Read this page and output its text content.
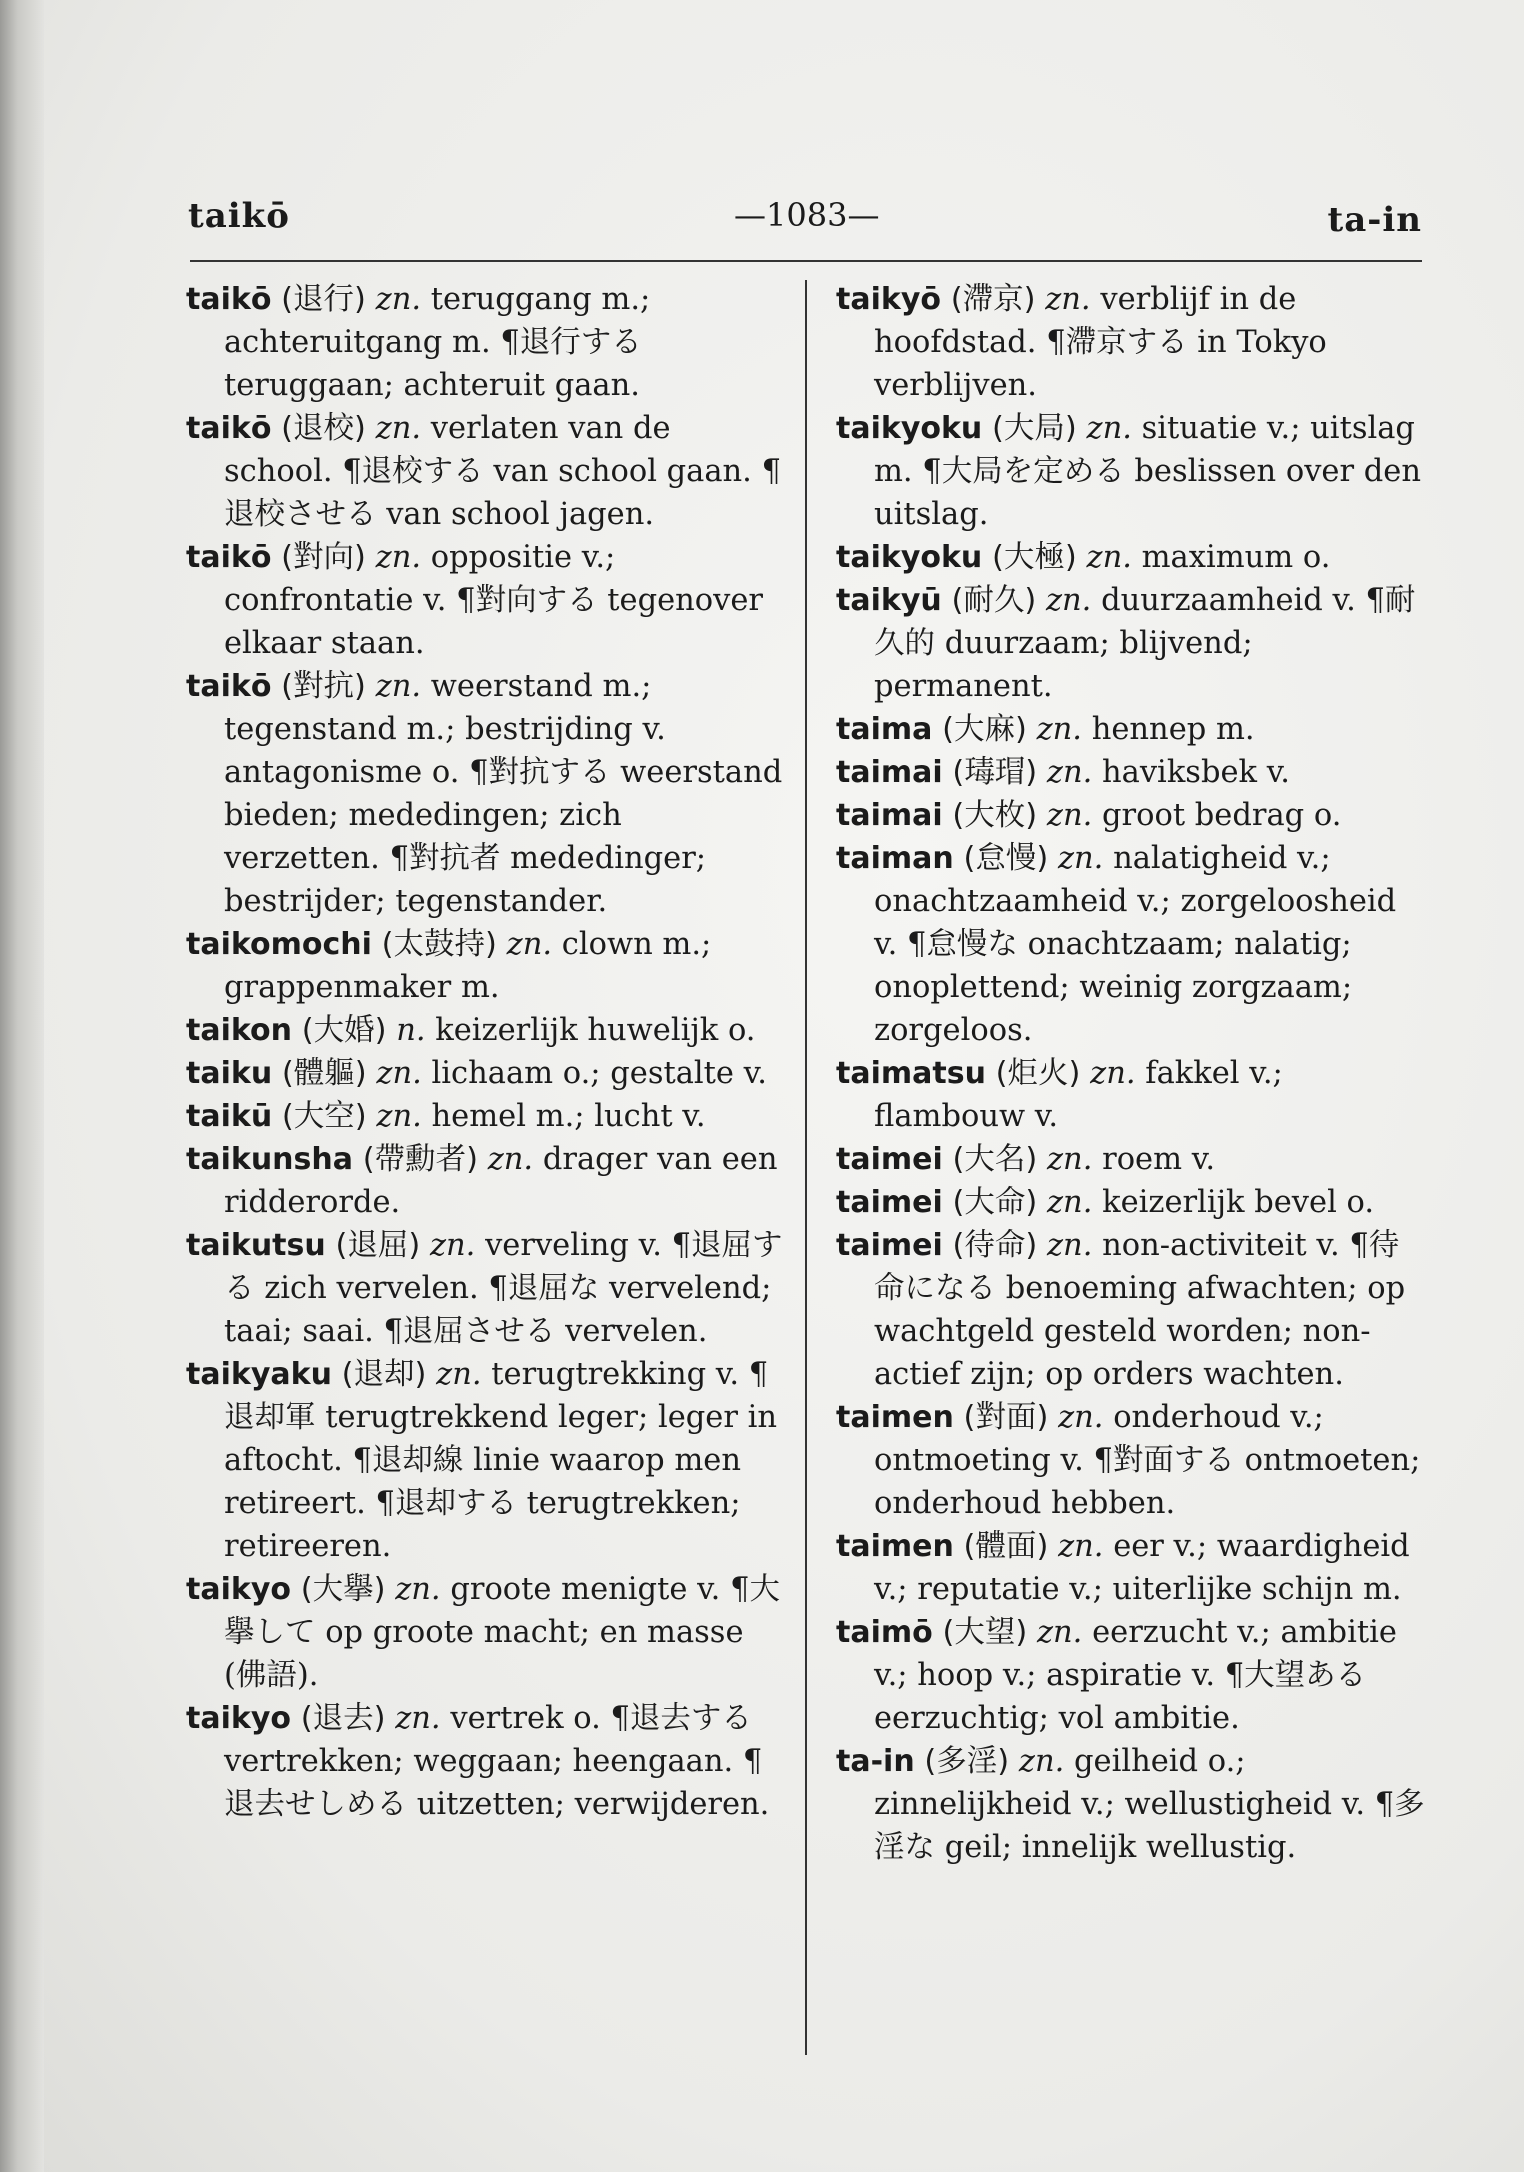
taikō	—1083—	ta-in

taikō (退行) zn. teruggang m.; achteruitgang m. ¶退行する teruggaan; achteruit gaan.

taikō (退校) zn. verlaten van de school. ¶退校する van school gaan. ¶退校させる van school jagen.

taikō (對向) zn. oppositie v.; confrontatie v. ¶對向する tegenover elkaar staan.

taikō (對抗) zn. weerstand m.; tegenstand m.; bestrijding v. antagonisme o. ¶對抗する weerstand bieden; mededingen; zich verzetten. ¶對抗者 mededinger; bestrijder; tegenstander.

taikomochi (太鼓持) zn. clown m.; grappenmaker m.

taikon (大婚) n. keizerlijk huwelijk o.

taiku (體軀) zn. lichaam o.; gestalte v.

taikū (大空) zn. hemel m.; lucht v.

taikunsha (帶勳者) zn. drager van een ridderorde.

taikutsu (退屈) zn. verveling v. ¶退屈する zich vervelen. ¶退屈な vervelend; taai; saai. ¶退屈させる vervelen.

taikyaku (退却) zn. terugtrekking v. ¶退却軍 terugtrekkend leger; leger in aftocht. ¶退却線 linie waarop men retireert. ¶退却する terugtrekken; retireeren.

taikyo (大擧) zn. groote menigte v. ¶大擧して op groote macht; en masse (佛語).

taikyo (退去) zn. vertrek o. ¶退去する vertrekken; weggaan; heengaan. ¶退去せしめる uitzetten; verwijderen.

taikyō (滯京) zn. verblijf in de hoofdstad. ¶滯京する in Tokyo verblijven.

taikyoku (大局) zn. situatie v.; uitslag m. ¶大局を定める beslissen over den uitslag.

taikyoku (大極) zn. maximum o.

taikyū (耐久) zn. duurzaamheid v. ¶耐久的 duurzaam; blijvend; permanent.

taima (大麻) zn. hennep m.

taimai (瑇瑁) zn. haviksbek v.

taimai (大枚) zn. groot bedrag o.

taiman (怠慢) zn. nalatigheid v.; onachtzaamheid v.; zorgeloosheid v. ¶怠慢な onachtzaam; nalatig; onoplettend; weinig zorgzaam; zorgeloos.

taimatsu (炬火) zn. fakkel v.; flambouw v.

taimei (大名) zn. roem v.

taimei (大命) zn. keizerlijk bevel o.

taimei (待命) zn. non-activiteit v. ¶待命になる benoeming afwachten; op wachtgeld gesteld worden; non-actief zijn; op orders wachten.

taimen (對面) zn. onderhoud v.; ontmoeting v. ¶對面する ontmoeten; onderhoud hebben.

taimen (體面) zn. eer v.; waardigheid v.; reputatie v.; uiterlijke schijn m.

taimō (大望) zn. eerzucht v.; ambitie v.; hoop v.; aspiratie v. ¶大望ある eerzuchtig; vol ambitie.

ta-in (多淫) zn. geilheid o.; zinnelijkheid v.; wellustigheid v. ¶多淫な geil; innelijk wellustig.
